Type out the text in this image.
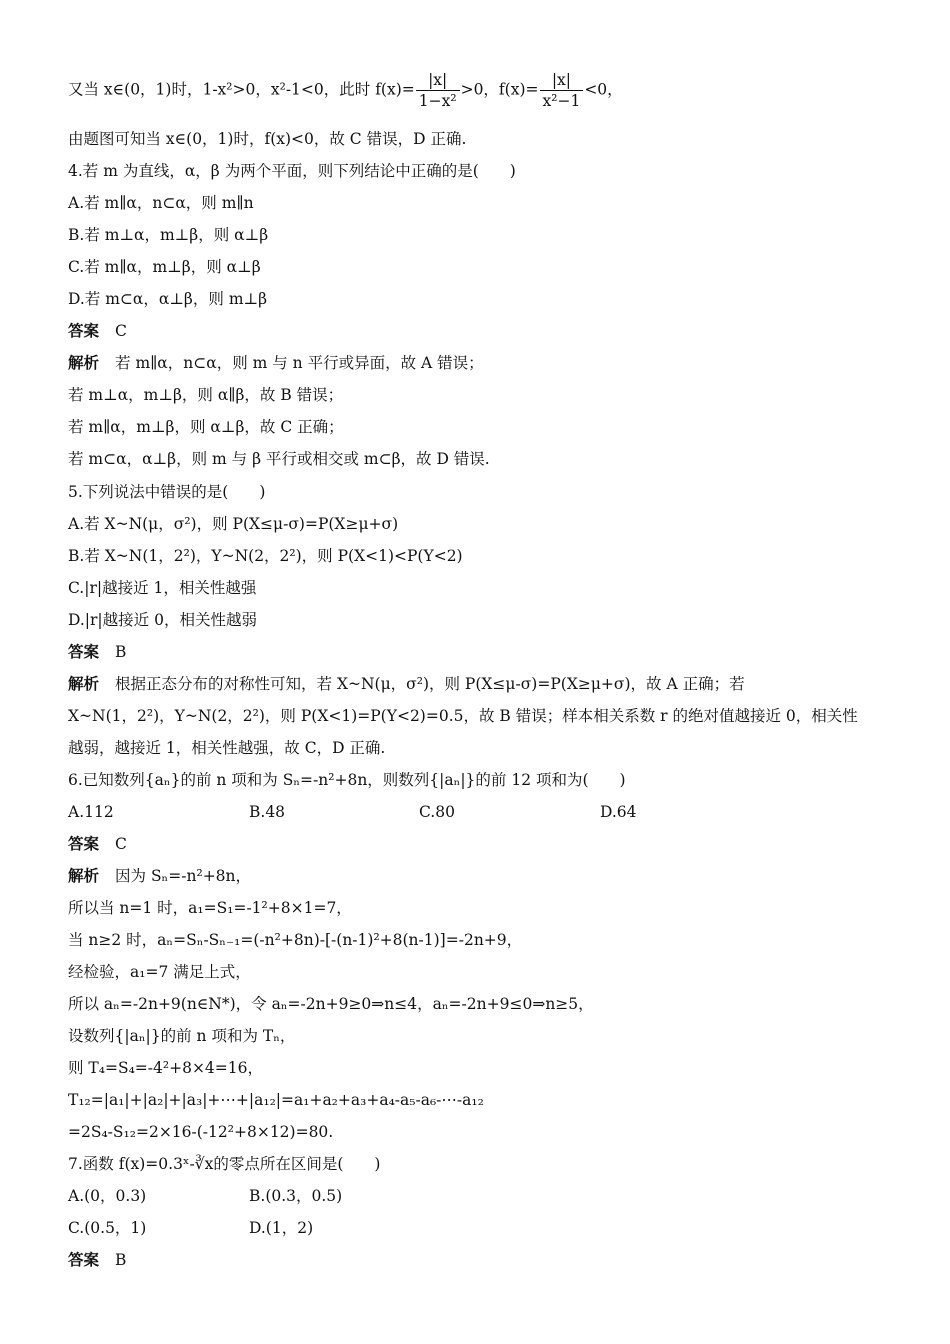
又当 x∈(0，1)时，1-x²>0，x²-1<0，此时 $f(x)= \frac{|x|}{\text{1−x²}} >0$，$f(x)= \frac{|x|}{\text{x²−1}} <0$，
由题图可知当 x∈(0，1)时，f(x)<0，故 C 错误，D 正确.
4.若 m 为直线，α，β 为两个平面，则下列结论中正确的是(　　)
A.若 m∥α，n⊂α，则 m∥n
B.若 m⊥α，m⊥β，则 α⊥β
C.若 m∥α，m⊥β，则 α⊥β
D.若 m⊂α，α⊥β，则 m⊥β
答案 C
解析 若 m∥α，n⊂α，则 m 与 n 平行或异面，故 A 错误；
若 m⊥α，m⊥β，则 α∥β，故 B 错误；
若 m∥α，m⊥β，则 α⊥β，故 C 正确；
若 m⊂α，α⊥β，则 m 与 β 平行或相交或 m⊂β，故 D 错误.
5.下列说法中错误的是(　　)
A.若 X~N(μ，σ²)，则 P(X≤μ-σ)=P(X≥μ+σ)
B.若 X~N(1，2²)，Y~N(2，2²)，则 P(X<1)<P(Y<2)
C.|r|越接近 1，相关性越强
D.|r|越接近 0，相关性越弱
答案 B
解析 根据正态分布的对称性可知，若 X~N(μ，σ²)，则 P(X≤μ-σ)=P(X≥μ+σ)，故 A 正确；若
X~N(1，2²)，Y~N(2，2²)，则 P(X<1)=P(Y<2)=0.5，故 B 错误；样本相关系数 r 的绝对值越接近 0，相关性
越弱，越接近 1，相关性越强，故 C，D 正确.
6.已知数列{aₙ}的前 n 项和为 Sₙ=-n²+8n，则数列{|aₙ|}的前 12 项和为(　　)
A.112	B.48	C.80	D.64
答案 C
解析 因为 Sₙ=-n²+8n，
所以当 n=1 时，a₁=S₁=-1²+8×1=7，
当 n≥2 时，aₙ=Sₙ-Sₙ₋₁=(-n²+8n)-[-(n-1)²+8(n-1)]=-2n+9，
经检验，a₁=7 满足上式，
所以 aₙ=-2n+9(n∈N*)，令 aₙ=-2n+9≥0⇒n≤4，aₙ=-2n+9≤0⇒n≥5，
设数列{|aₙ|}的前 n 项和为 Tₙ，
则 T₄=S₄=-4²+8×4=16，
T₁₂=|a₁|+|a₂|+|a₃|+⋯+|a₁₂|=a₁+a₂+a₃+a₄-a₅-a₆-⋯-a₁₂
=2S₄-S₁₂=2×16-(-12²+8×12)=80.
7.函数 f(x)=0.3ˣ-∛x的零点所在区间是(　　)
A.(0，0.3)	B.(0.3，0.5)
C.(0.5，1)	D.(1，2)
答案 B
